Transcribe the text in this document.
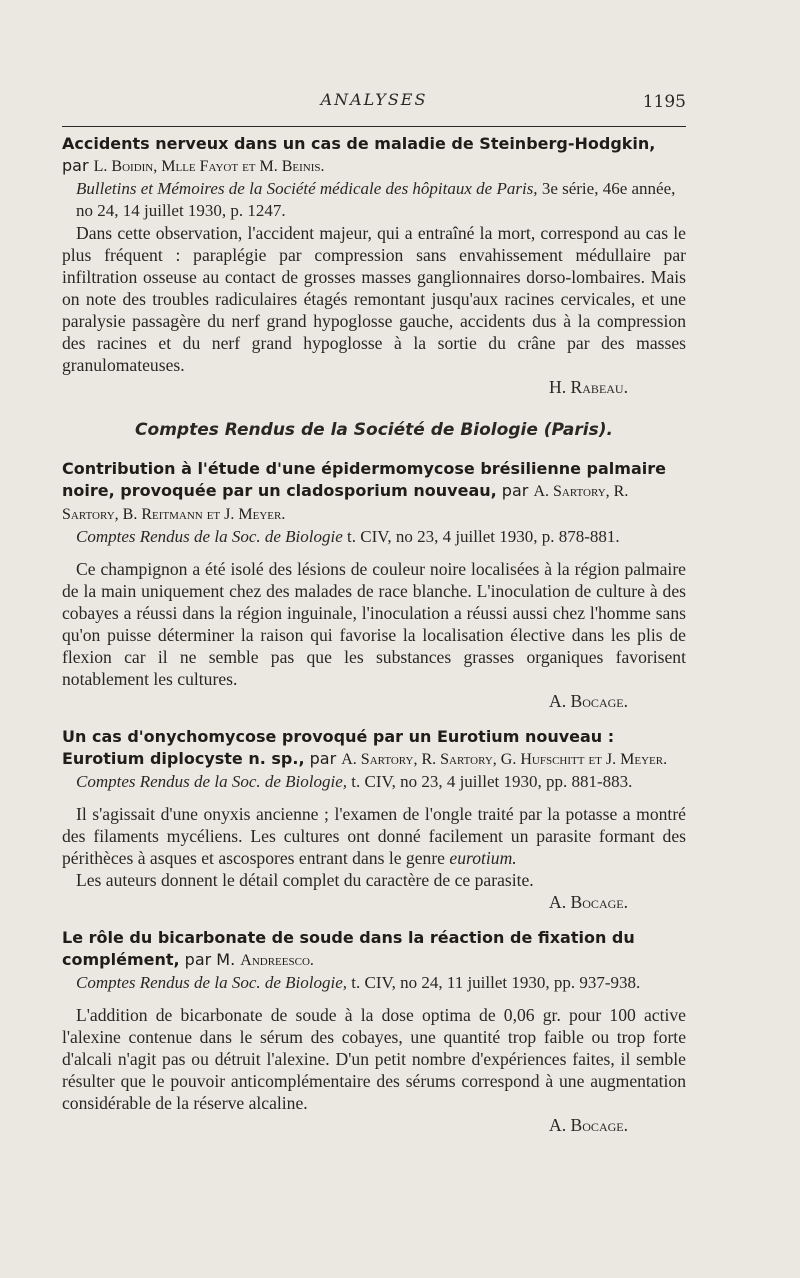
ANALYSES	1195

Accidents nerveux dans un cas de maladie de Steinberg-Hodgkin, par L. Boidin, Mlle Fayot et M. Beinis.

Bulletins et Mémoires de la Société médicale des hôpitaux de Paris, 3e série, 46e année, no 24, 14 juillet 1930, p. 1247.

Dans cette observation, l'accident majeur, qui a entraîné la mort, correspond au cas le plus fréquent : paraplégie par compression sans envahissement médullaire par infiltration osseuse au contact de grosses masses ganglionnaires dorso-lombaires. Mais on note des troubles radiculaires étagés remontant jusqu'aux racines cervicales, et une paralysie passagère du nerf grand hypoglosse gauche, accidents dus à la compression des racines et du nerf grand hypoglosse à la sortie du crâne par des masses granulomateuses.

H. Rabeau.

Comptes Rendus de la Société de Biologie (Paris).

Contribution à l'étude d'une épidermomycose brésilienne palmaire noire, provoquée par un cladosporium nouveau, par A. Sartory, R. Sartory, B. Reitmann et J. Meyer.

Comptes Rendus de la Soc. de Biologie t. CIV, no 23, 4 juillet 1930, p. 878-881.

Ce champignon a été isolé des lésions de couleur noire localisées à la région palmaire de la main uniquement chez des malades de race blanche. L'inoculation de culture à des cobayes a réussi dans la région inguinale, l'inoculation a réussi aussi chez l'homme sans qu'on puisse déterminer la raison qui favorise la localisation élective dans les plis de flexion car il ne semble pas que les substances grasses organiques favorisent notablement les cultures.

A. Bocage.

Un cas d'onychomycose provoqué par un Eurotium nouveau : Eurotium diplocyste n. sp., par A. Sartory, R. Sartory, G. Hufschitt et J. Meyer.

Comptes Rendus de la Soc. de Biologie, t. CIV, no 23, 4 juillet 1930, pp. 881-883.

Il s'agissait d'une onyxis ancienne ; l'examen de l'ongle traité par la potasse a montré des filaments mycéliens. Les cultures ont donné facilement un parasite formant des périthèces à asques et ascospores entrant dans le genre eurotium.

Les auteurs donnent le détail complet du caractère de ce parasite.

A. Bocage.

Le rôle du bicarbonate de soude dans la réaction de fixation du complément, par M. Andreesco.

Comptes Rendus de la Soc. de Biologie, t. CIV, no 24, 11 juillet 1930, pp. 937-938.

L'addition de bicarbonate de soude à la dose optima de 0,06 gr. pour 100 active l'alexine contenue dans le sérum des cobayes, une quantité trop faible ou trop forte d'alcali n'agit pas ou détruit l'alexine. D'un petit nombre d'expériences faites, il semble résulter que le pouvoir anticomplémentaire des sérums correspond à une augmentation considérable de la réserve alcaline.

A. Bocage.
